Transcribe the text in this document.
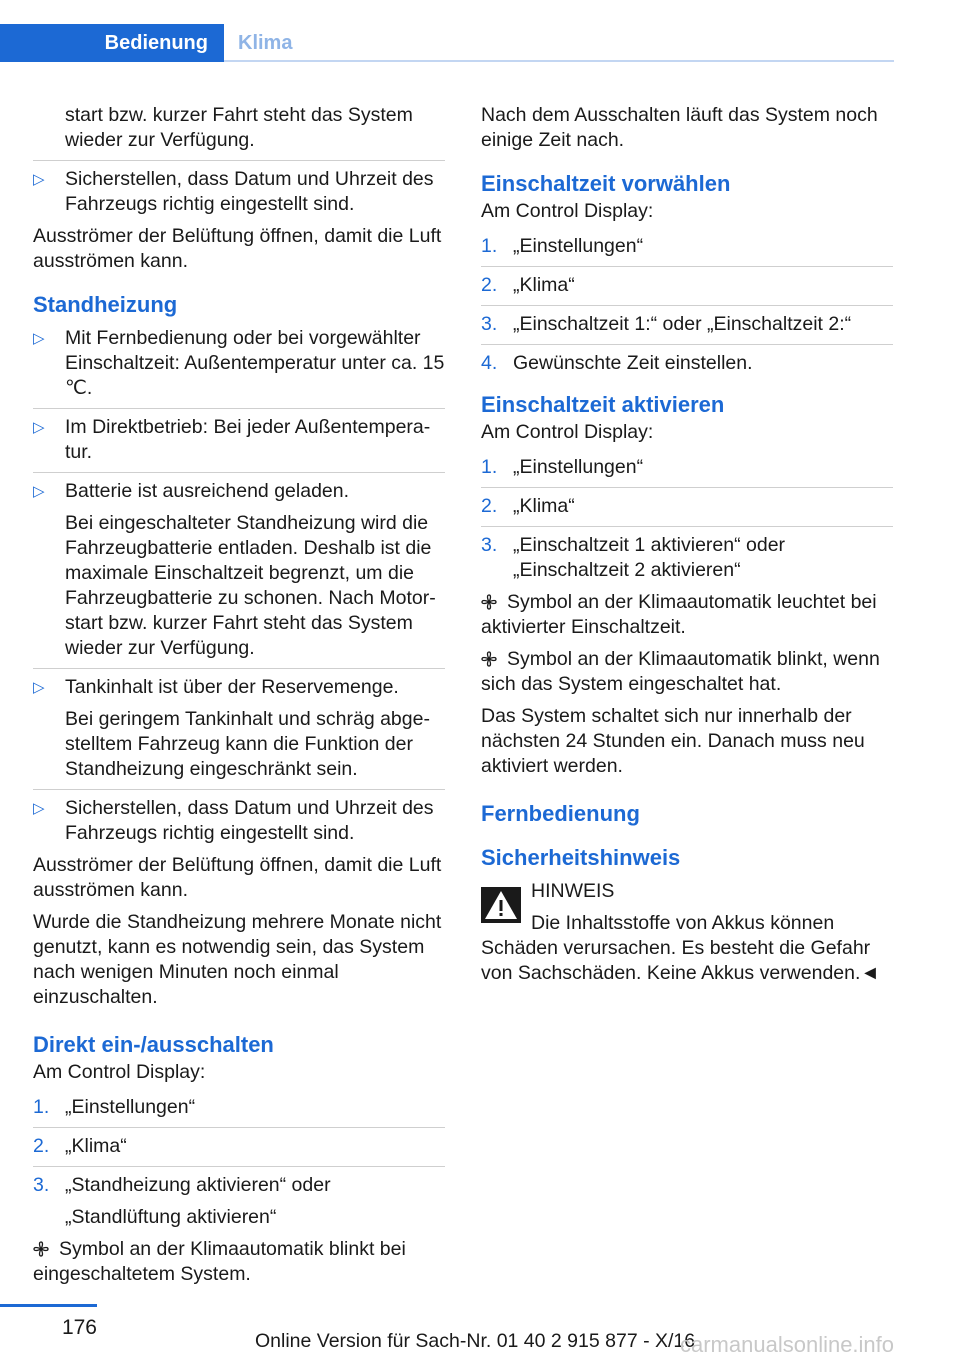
Bedienung	Klima

start bzw. kurzer Fahrt steht das System wieder zur Verfügung.

▷ Sicherstellen, dass Datum und Uhrzeit des Fahrzeugs richtig eingestellt sind.

Ausströmer der Belüftung öffnen, damit die Luft ausströmen kann.

Standheizung
▷ Mit Fernbedienung oder bei vorgewählter Einschaltzeit: Außentemperatur unter ca. 15 ℃.
▷ Im Direktbetrieb: Bei jeder Außentempera‐tur.
▷ Batterie ist ausreichend geladen.

Bei eingeschalteter Standheizung wird die Fahrzeugbatterie entladen. Deshalb ist die maximale Einschaltzeit begrenzt, um die Fahrzeugbatterie zu schonen. Nach Motor‐start bzw. kurzer Fahrt steht das System wieder zur Verfügung.

▷ Tankinhalt ist über der Reservemenge.

Bei geringem Tankinhalt und schräg abge‐stelltem Fahrzeug kann die Funktion der Standheizung eingeschränkt sein.

▷ Sicherstellen, dass Datum und Uhrzeit des Fahrzeugs richtig eingestellt sind.

Ausströmer der Belüftung öffnen, damit die Luft ausströmen kann.

Wurde die Standheizung mehrere Monate nicht genutzt, kann es notwendig sein, das System nach wenigen Minuten noch einmal einzuschalten.

Direkt ein-/ausschalten

Am Control Display:

1. „Einstellungen“
2. „Klima“
3. „Standheizung aktivieren“ oder

„Standlüftung aktivieren“

Symbol an der Klimaautomatik blinkt bei eingeschaltetem System.

Nach dem Ausschalten läuft das System noch einige Zeit nach.

Einschaltzeit vorwählen

Am Control Display:

1. „Einstellungen“
2. „Klima“
3. „Einschaltzeit 1:“ oder „Einschaltzeit 2:“
4. Gewünschte Zeit einstellen.
Einschaltzeit aktivieren

Am Control Display:

1. „Einstellungen“
2. „Klima“
3. „Einschaltzeit 1 aktivieren“ oder „Einschaltzeit 2 aktivieren“

Symbol an der Klimaautomatik leuchtet bei aktivierter Einschaltzeit.

Symbol an der Klimaautomatik blinkt, wenn sich das System eingeschaltet hat.

Das System schaltet sich nur innerhalb der nächsten 24 Stunden ein. Danach muss neu aktiviert werden.

Fernbedienung
Sicherheitshinweis

HINWEIS

Die Inhaltsstoffe von Akkus können Schäden verursachen. Es besteht die Gefahr von Sachschäden. Keine Akkus verwenden.◄

176
Online Version für Sach-Nr. 01 40 2 915 877 - X/16
carmanualsonline.info
